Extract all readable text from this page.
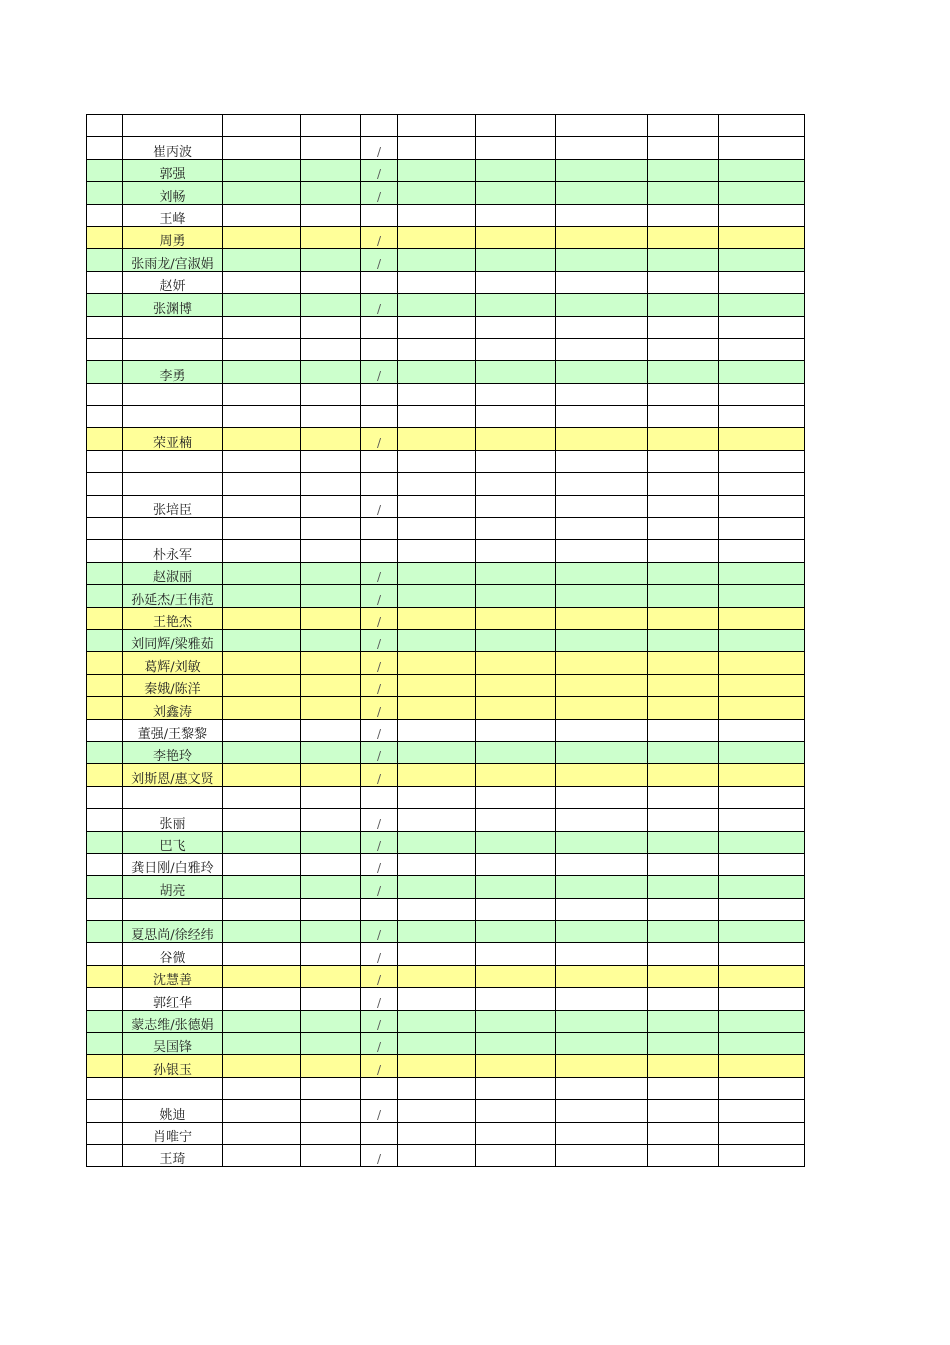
	崔丙波			/					
	郭强			/					
	刘畅			/					
	王峰								
	周勇			/					
	张雨龙/宫淑娟			/					
	赵妍								
	张渊博			/					

	李勇			/					

	荣亚楠			/					

	张培臣			/					

	朴永军								
	赵淑丽			/					
	孙延杰/王伟范			/					
	王艳杰			/					
	刘同辉/梁雅茹			/					
	葛辉/刘敏			/					
	秦娥/陈洋			/					
	刘鑫涛			/					
	董强/王黎黎			/					
	李艳玲			/					
	刘斯恩/惠文贤			/					

	张丽			/					
	巴飞			/					
	龚日刚/白雅玲			/					
	胡亮			/					

	夏思尚/徐经纬			/					
	谷微			/					
	沈慧善			/					
	郭红华			/					
	蒙志维/张德娟			/					
	吴国锋			/					
	孙银玉			/					

	姚迪			/					
	肖唯宁								
	王琦			/					
